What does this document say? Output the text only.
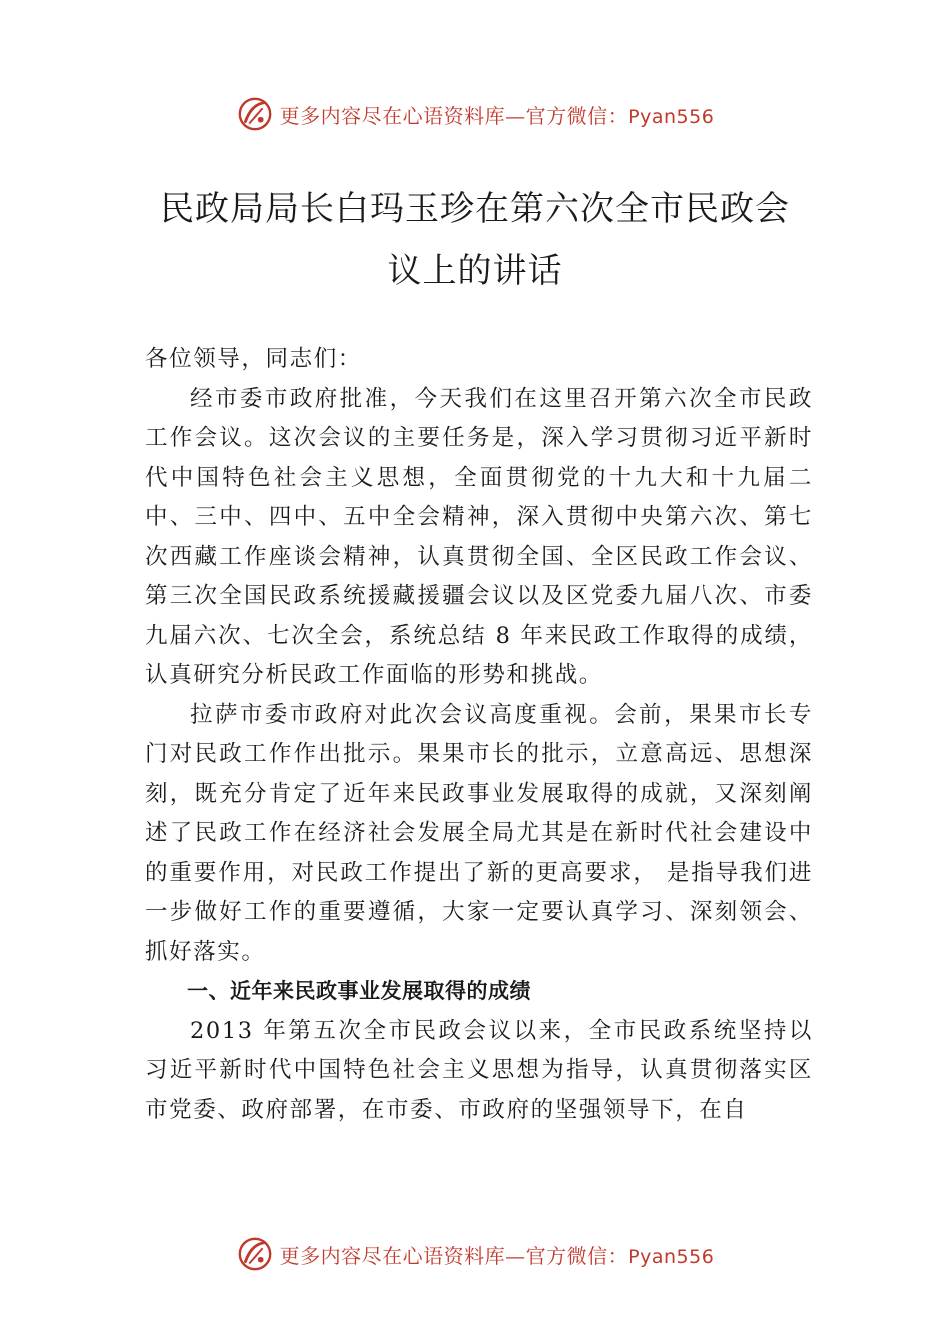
更多内容尽在心语资料库—官方微信：Pyan556
民政局局长白玛玉珍在第六次全市民政会
议上的讲话

各位领导，同志们：

经市委市政府批准，今天我们在这里召开第六次全市民政工作会议。这次会议的主要任务是，深入学习贯彻习近平新时代中国特色社会主义思想，全面贯彻党的十九大和十九届二中、三中、四中、五中全会精神，深入贯彻中央第六次、第七次西藏工作座谈会精神，认真贯彻全国、全区民政工作会议、第三次全国民政系统援藏援疆会议以及区党委九届八次、市委九届六次、七次全会，系统总结 8 年来民政工作取得的成绩，认真研究分析民政工作面临的形势和挑战。

拉萨市委市政府对此次会议高度重视。会前，果果市长专门对民政工作作出批示。果果市长的批示，立意高远、思想深刻，既充分肯定了近年来民政事业发展取得的成就，又深刻阐述了民政工作在经济社会发展全局尤其是在新时代社会建设中的重要作用，对民政工作提出了新的更高要求， 是指导我们进一步做好工作的重要遵循，大家一定要认真学习、深刻领会、抓好落实。

一、近年来民政事业发展取得的成绩

2013 年第五次全市民政会议以来，全市民政系统坚持以习近平新时代中国特色社会主义思想为指导，认真贯彻落实区市党委、政府部署，在市委、市政府的坚强领导下，在自

更多内容尽在心语资料库—官方微信：Pyan556
